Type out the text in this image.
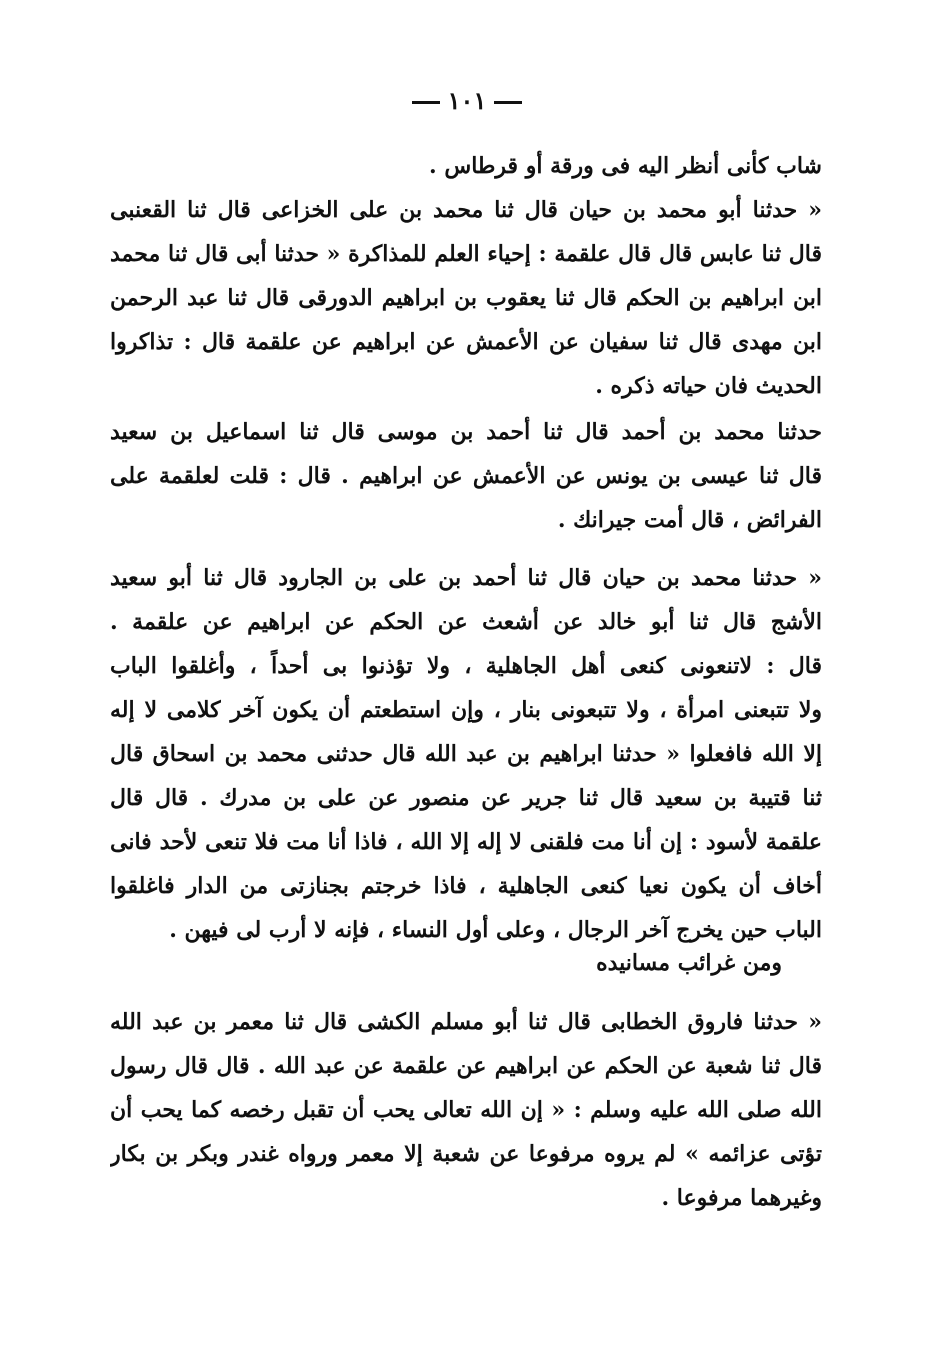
١٠١
شاب كأنى أنظر اليه فى ورقة أو قرطاس .
« حدثنا أبو محمد بن حيان قال ثنا محمد بن على الخزاعى قال ثنا القعنبى
قال ثنا عابس قال قال علقمة : إحياء العلم للمذاكرة « حدثنا أبى قال ثنا محمد
ابن ابراهيم بن الحكم قال ثنا يعقوب بن ابراهيم الدورقى قال ثنا عبد الرحمن
ابن مهدى قال ثنا سفيان عن الأعمش عن ابراهيم عن علقمة قال : تذاكروا
الحديث فان حياته ذكره .
حدثنا محمد بن أحمد قال ثنا أحمد بن موسى قال ثنا اسماعيل بن سعيد
قال ثنا عيسى بن يونس عن الأعمش عن ابراهيم . قال : قلت لعلقمة على
الفرائض ، قال أمت جيرانك .
« حدثنا محمد بن حيان قال ثنا أحمد بن على بن الجارود قال ثنا أبو سعيد
الأشج قال ثنا أبو خالد عن أشعث عن الحكم عن ابراهيم عن علقمة .
قال : لاتنعونى كنعى أهل الجاهلية ، ولا تؤذنوا بى أحداً ، وأغلقوا الباب
ولا تتبعنى امرأة ، ولا تتبعونى بنار ، وإن استطعتم أن يكون آخر كلامى لا إله
إلا الله فافعلوا « حدثنا ابراهيم بن عبد الله قال حدثنى محمد بن اسحاق قال
ثنا قتيبة بن سعيد قال ثنا جرير عن منصور عن على بن مدرك . قال قال
علقمة لأسود : إن أنا مت فلقنى لا إله إلا الله ، فاذا أنا مت فلا تنعى لأحد فانى
أخاف أن يكون نعيا كنعى الجاهلية ، فاذا خرجتم بجنازتى من الدار فاغلقوا
الباب حين يخرج آخر الرجال ، وعلى أول النساء ، فإنه لا أرب لى فيهن .
ومن غرائب مسانيده
« حدثنا فاروق الخطابى قال ثنا أبو مسلم الكشى قال ثنا معمر بن عبد الله
قال ثنا شعبة عن الحكم عن ابراهيم عن علقمة عن عبد الله . قال قال رسول
الله صلى الله عليه وسلم : « إن الله تعالى يحب أن تقبل رخصه كما يحب أن
تؤتى عزائمه » لم يروه مرفوعا عن شعبة إلا معمر ورواه غندر وبكر بن بكار
وغيرهما مرفوعا .
